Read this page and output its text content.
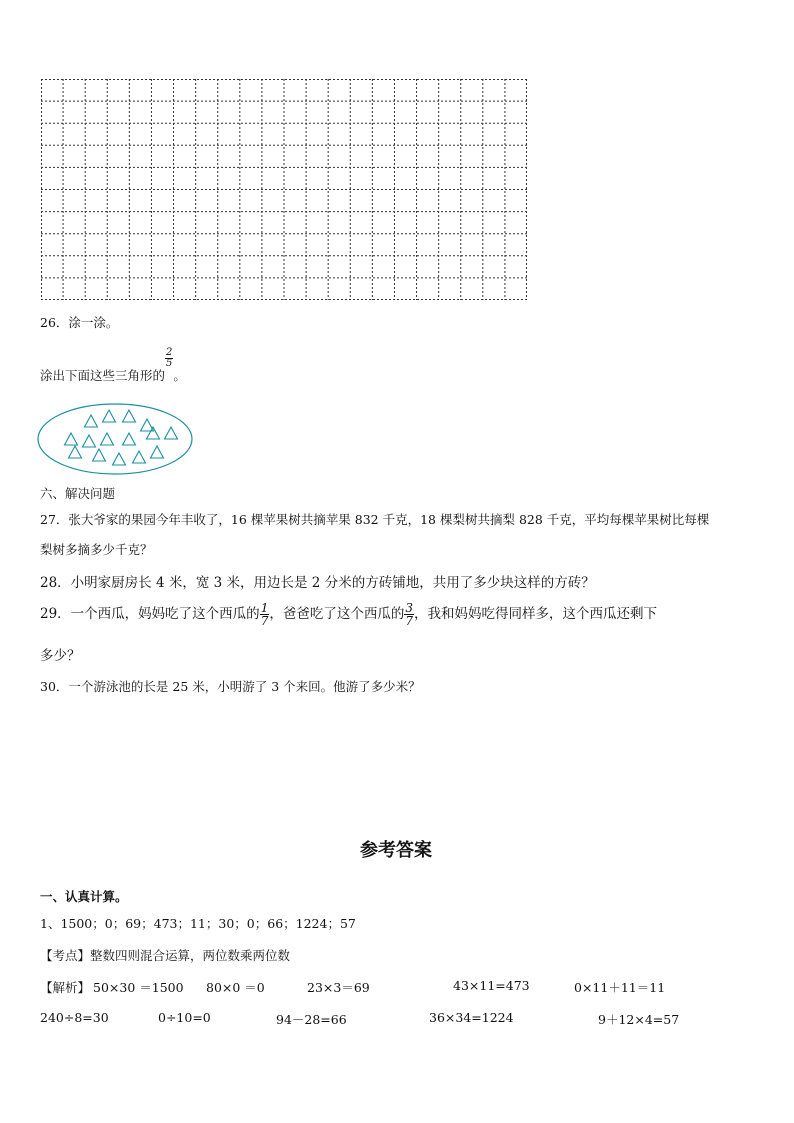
26．涂一涂。
涂出下面这些三角形的
$\frac{2}{5}$
。
六、解决问题
27．张大爷家的果园今年丰收了，16 棵苹果树共摘苹果 832 千克，18 棵梨树共摘梨 828 千克，平均每棵苹果树比每棵
梨树多摘多少千克？
28．小明家厨房长 4 米，宽 3 米，用边长是 2 分米的方砖铺地，共用了多少块这样的方砖？
29．一个西瓜，妈妈吃了这个西瓜的 $\frac{1}{7}$ ，爸爸吃了这个西瓜的 $\frac{3}{7}$ ，我和妈妈吃得同样多，这个西瓜还剩下
多少？
30．一个游泳池的长是 25 米，小明游了 3 个来回。他游了多少米？
参考答案
一、认真计算。
1、1500；0；69；473；11；30；0；66；1224；57
【考点】整数四则混合运算，两位数乘两位数
【解析】 50×30 ＝1500 80×0 ＝0	23×3＝69	43×11=473	0×11＋11＝11
240÷8=30	0÷10=0	94－28=66	36×34=1224	9＋12×4=57
